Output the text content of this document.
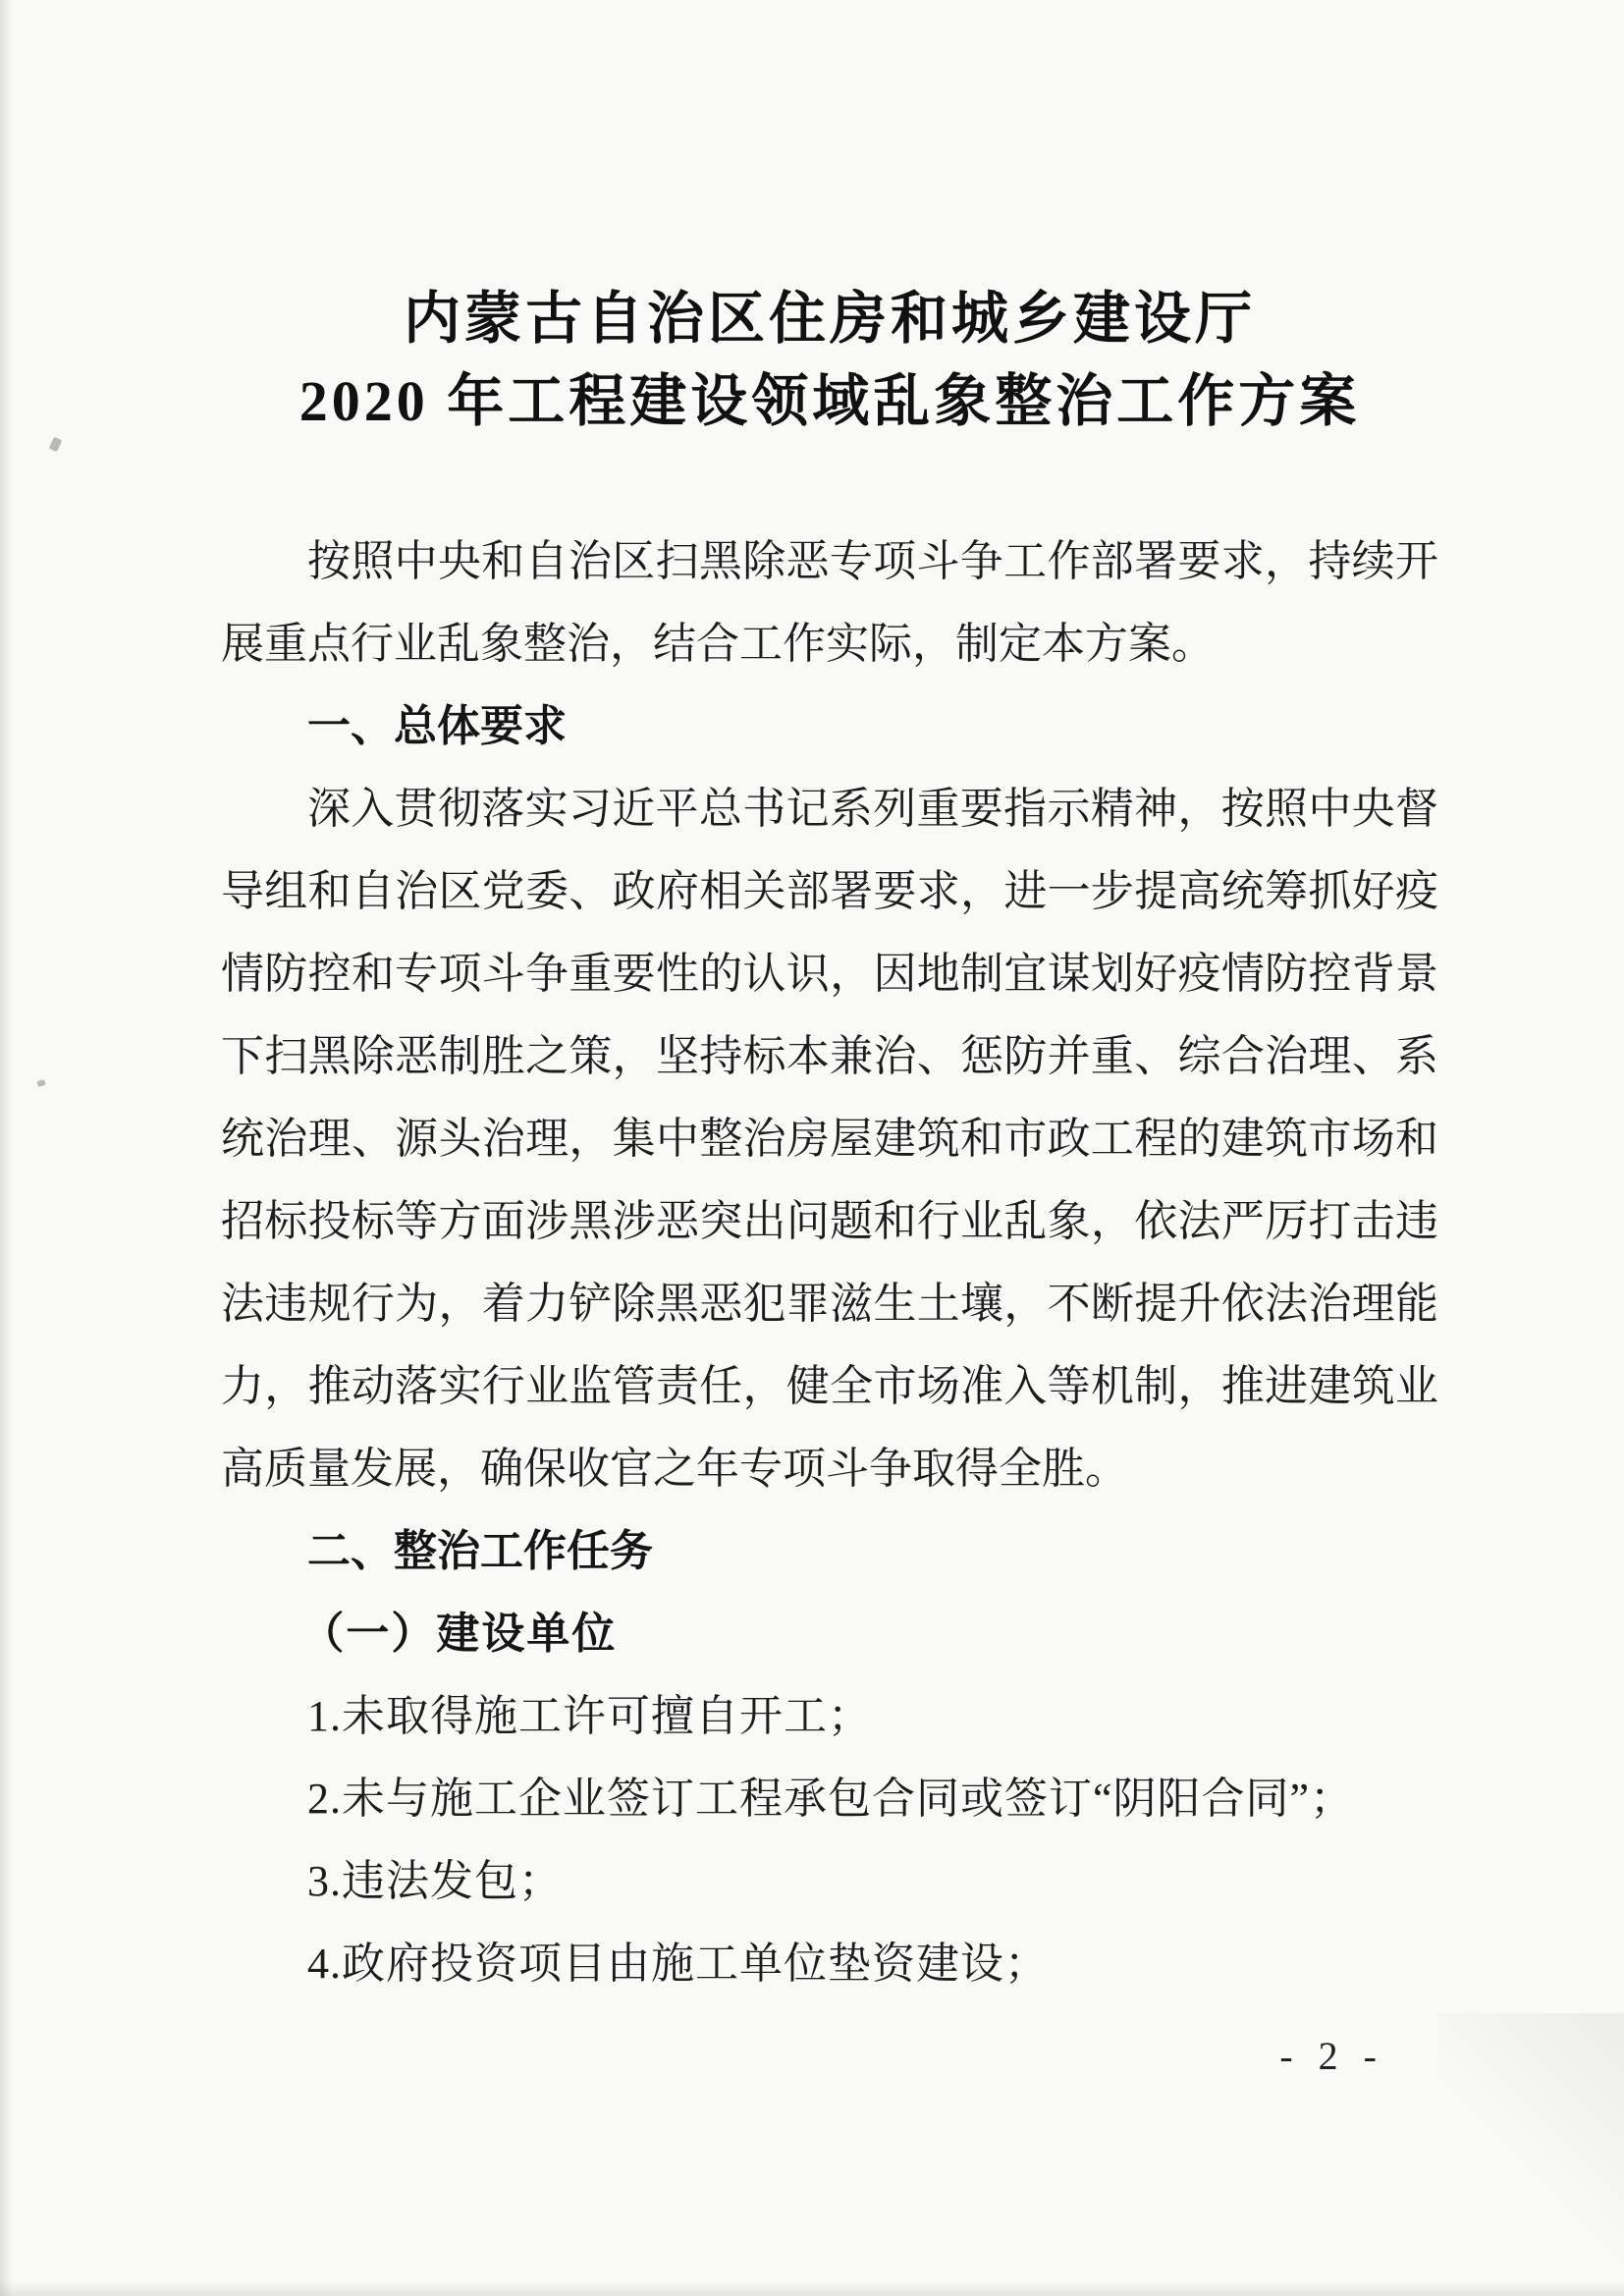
内蒙古自治区住房和城乡建设厅
2020 年工程建设领域乱象整治工作方案
按照中央和自治区扫黑除恶专项斗争工作部署要求，持续开
展重点行业乱象整治，结合工作实际，制定本方案。
一、总体要求
深入贯彻落实习近平总书记系列重要指示精神，按照中央督
导组和自治区党委、政府相关部署要求，进一步提高统筹抓好疫
情防控和专项斗争重要性的认识，因地制宜谋划好疫情防控背景
下扫黑除恶制胜之策，坚持标本兼治、惩防并重、综合治理、系
统治理、源头治理，集中整治房屋建筑和市政工程的建筑市场和
招标投标等方面涉黑涉恶突出问题和行业乱象，依法严厉打击违
法违规行为，着力铲除黑恶犯罪滋生土壤，不断提升依法治理能
力，推动落实行业监管责任，健全市场准入等机制，推进建筑业
高质量发展，确保收官之年专项斗争取得全胜。
二、整治工作任务
（一）建设单位
1.未取得施工许可擅自开工；
2.未与施工企业签订工程承包合同或签订“阴阳合同”；
3.违法发包；
4.政府投资项目由施工单位垫资建设；
- 2 -
